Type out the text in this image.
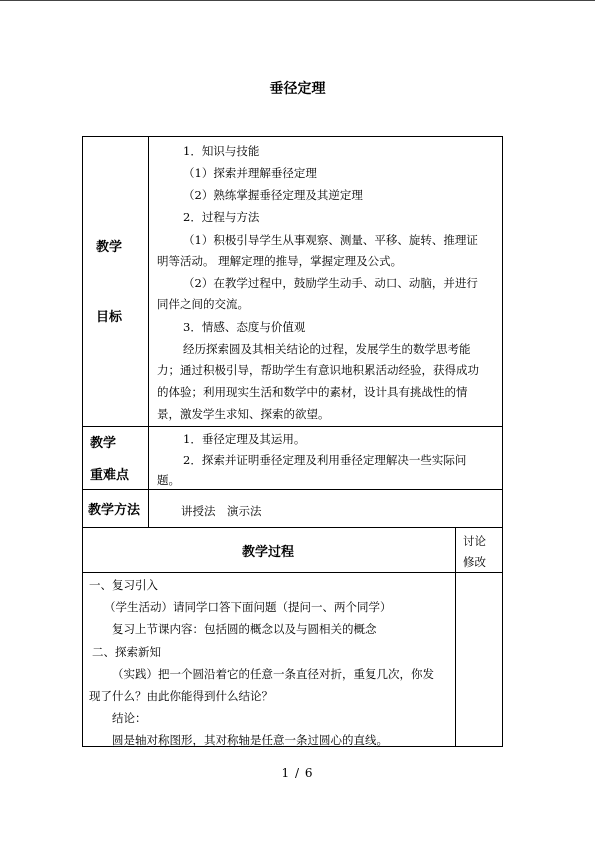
垂径定理
教学
目标
1．知识与技能
（1）探索并理解垂径定理
（2）熟练掌握垂径定理及其逆定理
2．过程与方法
（1）积极引导学生从事观察、测量、平移、旋转、推理证
明等活动。 理解定理的推导，掌握定理及公式。
（2）在教学过程中，鼓励学生动手、动口、动脑，并进行
同伴之间的交流。
3．情感、态度与价值观
经历探索圆及其相关结论的过程，发展学生的数学思考能
力；通过积极引导，帮助学生有意识地积累活动经验，获得成功
的体验；利用现实生活和数学中的素材，设计具有挑战性的情
景，激发学生求知、探索的欲望。
教学
重难点
1．垂径定理及其运用。
2．探索并证明垂径定理及利用垂径定理解决一些实际问
题。
教学方法	讲授法　演示法
教学过程
讨论
修改
一、复习引入
（学生活动）请同学口答下面问题（提问一、两个同学）
复习上节课内容：包括圆的概念以及与圆相关的概念
二、探索新知
（实践）把一个圆沿着它的任意一条直径对折，重复几次，你发
现了什么？由此你能得到什么结论？
结论：
圆是轴对称图形，其对称轴是任意一条过圆心的直线。
1 / 6
